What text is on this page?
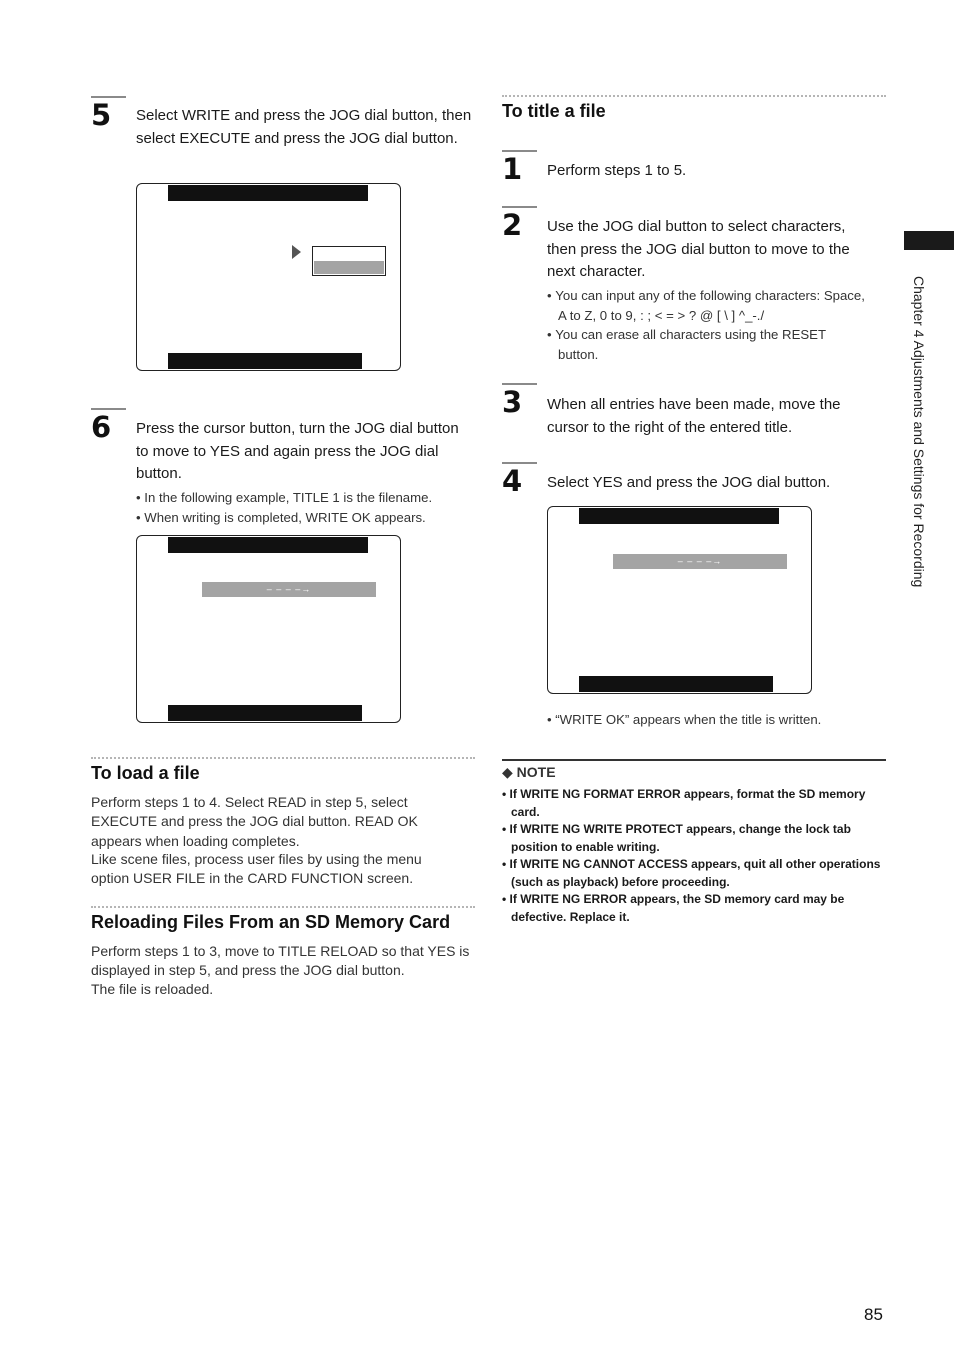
5 Select WRITE and press the JOG dial button, then select EXECUTE and press the JOG dial button.
6 Press the cursor button, turn the JOG dial button to move to YES and again press the JOG dial button.
• In the following example, TITLE 1 is the filename.
• When writing is completed, WRITE OK appears.
– – – –→
To load a file
Perform steps 1 to 4. Select READ in step 5, select EXECUTE and press the JOG dial button. READ OK appears when loading completes.
Like scene files, process user files by using the menu option USER FILE in the CARD FUNCTION screen.
Reloading Files From an SD Memory Card
Perform steps 1 to 3, move to TITLE RELOAD so that YES is displayed in step 5, and press the JOG dial button.
The file is reloaded.
To title a file
1 Perform steps 1 to 5.
2 Use the JOG dial button to select characters, then press the JOG dial button to move to the next character.
• You can input any of the following characters: Space, A to Z, 0 to 9, : ; < = > ? @ [ \ ] ^_-./
• You can erase all characters using the RESET button.
3 When all entries have been made, move the cursor to the right of the entered title.
4 Select YES and press the JOG dial button.
– – – –→
• “WRITE OK” appears when the title is written.
◆ NOTE
• If WRITE NG FORMAT ERROR appears, format the SD memory card.
• If WRITE NG WRITE PROTECT appears, change the lock tab position to enable writing.
• If WRITE NG CANNOT ACCESS appears, quit all other operations (such as playback) before proceeding.
• If WRITE NG ERROR appears, the SD memory card may be defective. Replace it.
Chapter 4 Adjustments and Settings for Recording
85
